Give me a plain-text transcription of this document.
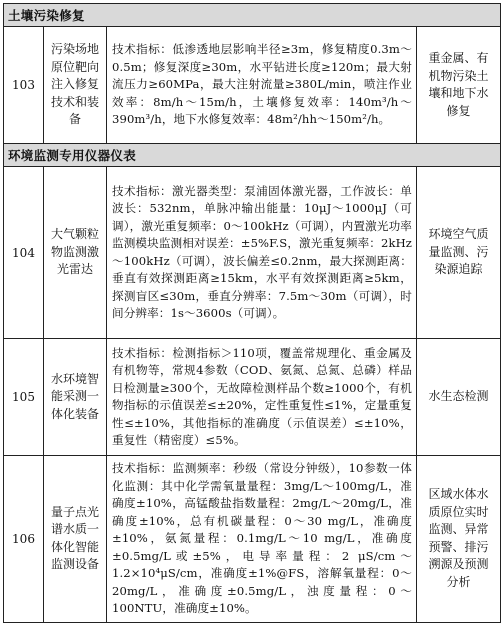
土壤污染修复			
103	污染场地原位靶向注入修复技术和装备	技术指标：低渗透地层影响半径≥3m，修复精度0.3m～0.5m；修复深度≥30m，水平钻进长度≥120m；最大射流压力≥60MPa，最大注射流量≥380L/min，喷注作业效率：8m/h～15m/h，土壤修复效率：140m³/h～390m³/h，地下水修复效率：48m²/hh～150m²/h。	重金属、有机物污染土壤和地下水修复
环境监测专用仪器仪表			
104	大气颗粒物监测激光雷达	技术指标：激光器类型：泵浦固体激光器，工作波长：单波长：532nm，单脉冲输出能量：10μJ～1000μJ（可调），激光重复频率：0～100kHz（可调），内置激光功率监测模块监测相对误差：±5%F.S，激光重复频率：2kHz～100kHz（可调），波长偏差≤0.2nm，最大探测距离：垂直有效探测距离≥15km，水平有效探测距离≥5km，探测盲区≤30m，垂直分辨率：7.5m～30m（可调），时间分辨率：1s～3600s（可调）。	环境空气质量监测、污染源追踪
105	水环境智能采测一体化装备	技术指标：检测指标＞110项，覆盖常规理化、重金属及有机物等，常规4参数（COD、氨氮、总氮、总磷）样品日检测量≥300个，无故障检测样品个数≥1000个，有机物指标的示值误差≤±20%，定性重复性≤1%，定量重复性≤±10%，其他指标的准确度（示值误差）≤±10%，重复性（精密度）≤5%。	水生态检测
106	量子点光谱水质一体化智能监测设备	技术指标：监测频率：秒级（常设分钟级），10参数一体化监测：其中化学需氧量量程：3mg/L～100mg/L，准确度±10%，高锰酸盐指数量程：2mg/L～20mg/L，准确度±10%，总有机碳量程：0～30 mg/L，准确度±10%，氨氮量程：0.1mg/L～10 mg/L，准确度±0.5mg/L或±5%，电导率量程：2 μS/cm～1.2×10⁴μS/cm，准确度±1%@FS，溶解氧量程：0～20mg/L，准确度±0.5mg/L，浊度量程：0～100NTU，准确度±10%。	区域水体水质原位实时监测、异常预警、排污溯源及预测分析
